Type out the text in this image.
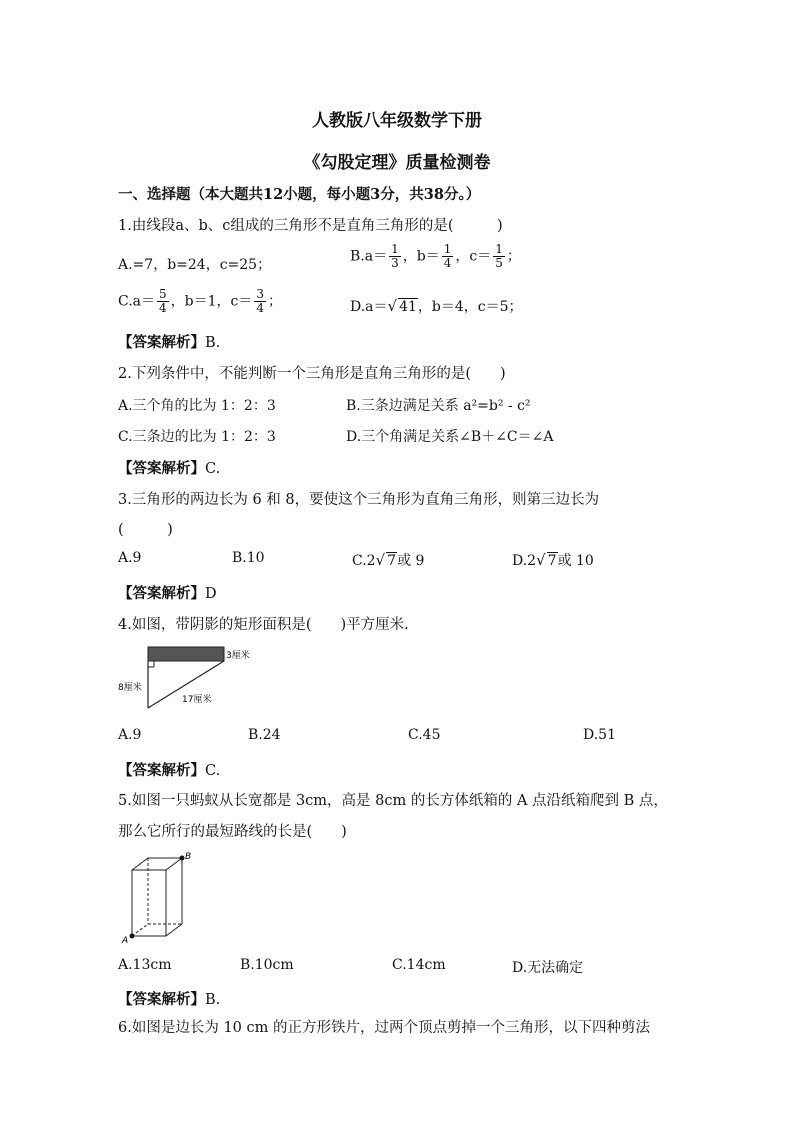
人教版八年级数学下册
《勾股定理》质量检测卷
一、选择题（本大题共12小题，每小题3分，共38分。）
1.由线段a、b、c组成的三角形不是直角三角形的是(　　　)
A.=7，b=24，c=25；
$B.a= \frac{1}{3}$ ，$b= \frac{1}{4}$ ，$c= \frac{1}{5}$ ；
$C.a= \frac{5}{4}$ ，b＝1，$c= \frac{3}{4}$ ；	D.a＝√ 41，b＝4，c＝5；
【答案解析】B.
2.下列条件中，不能判断一个三角形是直角三角形的是(　　)
A.三个角的比为 1：2：3	B.三条边满足关系 a²=b² - c²
C.三条边的比为 1：2：3	D.三个角满足关系∠B＋∠C＝∠A
【答案解析】C.
3.三角形的两边长为 6 和 8，要使这个三角形为直角三角形，则第三边长为
(　　　)
A.9	B.10	C.2√ 7或 9	D.2√ 7或 10
【答案解析】D
4.如图，带阴影的矩形面积是(　　)平方厘米.
3厘米
8厘米
17厘米
A.9	B.24	C.45	D.51
【答案解析】C.
5.如图一只蚂蚁从长宽都是 3cm，高是 8cm 的长方体纸箱的 A 点沿纸箱爬到 B 点，
那么它所行的最短路线的长是(　　)
A
B
A.13cm	B.10cm	C.14cm	D.无法确定
【答案解析】B.
6.如图是边长为 10 cm 的正方形铁片，过两个顶点剪掉一个三角形，以下四种剪法
